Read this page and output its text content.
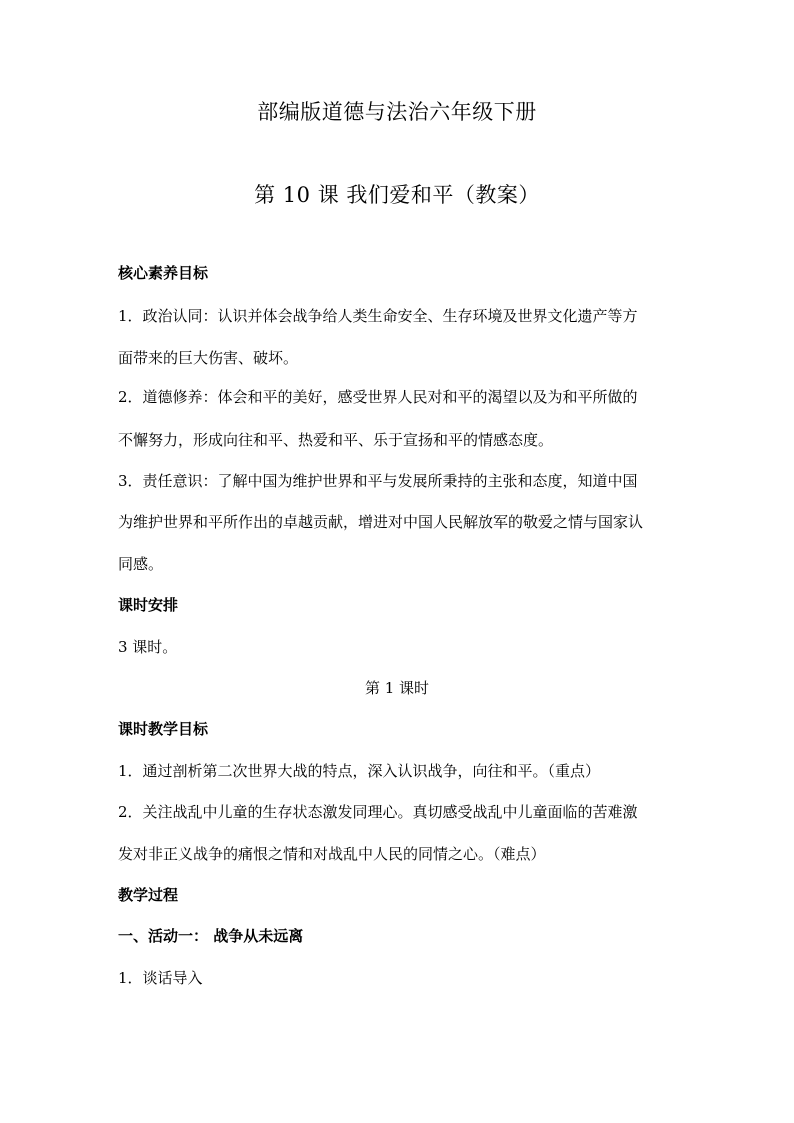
部编版道德与法治六年级下册
第 10 课 我们爱和平（教案）
核心素养目标
1．政治认同：认识并体会战争给人类生命安全、生存环境及世界文化遗产等方
面带来的巨大伤害、破坏。
2．道德修养：体会和平的美好，感受世界人民对和平的渴望以及为和平所做的
不懈努力，形成向往和平、热爱和平、乐于宣扬和平的情感态度。
3．责任意识：了解中国为维护世界和平与发展所秉持的主张和态度，知道中国
为维护世界和平所作出的卓越贡献，增进对中国人民解放军的敬爱之情与国家认
同感。
课时安排
3 课时。
第 1 课时
课时教学目标
1．通过剖析第二次世界大战的特点，深入认识战争，向往和平。（重点）
2．关注战乱中儿童的生存状态激发同理心。真切感受战乱中儿童面临的苦难激
发对非正义战争的痛恨之情和对战乱中人民的同情之心。（难点）
教学过程
一、活动一： 战争从未远离
1．谈话导入
